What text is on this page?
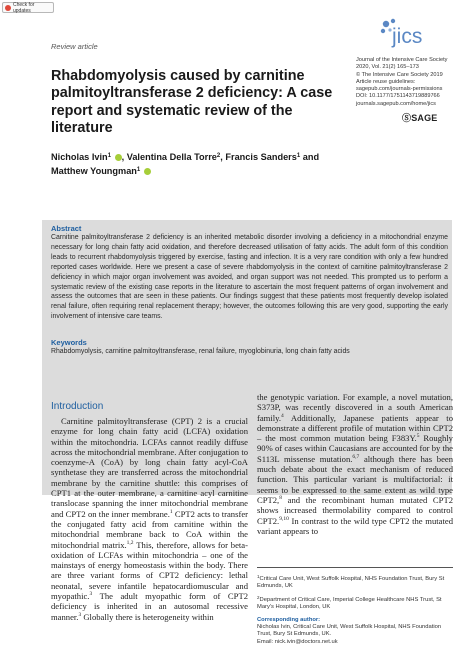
Check for updates
Review article	jics
Journal of the Intensive Care Society
2020, Vol. 21(2) 165–173
© The Intensive Care Society 2019
Article reuse guidelines:
sagepub.com/journals-permissions
DOI: 10.1177/1751143719889766
journals.sagepub.com/home/jics
ⓈSAGE
Rhabdomyolysis caused by carnitine palmitoyltransferase 2 deficiency: A case report and systematic review of the literature
Nicholas Ivin$^1$ , Valentina Della Torre$^2$, Francis Sanders$^1$ and
Matthew Youngman$^1$
Abstract
Carnitine palmitoyltransferase 2 deficiency is an inherited metabolic disorder involving a deficiency in a mitochondrial enzyme necessary for long chain fatty acid oxidation, and therefore decreased utilisation of fatty acids. The adult form of this condition leads to recurrent rhabdomyolysis triggered by exercise, fasting and infection. It is a very rare condition with only a few hundred reported cases worldwide. Here we present a case of severe rhabdomyolysis in the context of carnitine palmitoyltransferase 2 deficiency in which major organ involvement was avoided, and organ support was not needed. This prompted us to perform a systematic review of the existing case reports in the literature to ascertain the most frequent patterns of organ involvement and assess the outcomes that are seen in these patients. Our findings suggest that these patients most frequently develop isolated renal failure, often requiring renal replacement therapy; however, the outcomes following this are very good, supporting the early involvement of intensive care teams.
Keywords
Rhabdomyolysis, carnitine palmitoyltransferase, renal failure, myoglobinuria, long chain fatty acids
Introduction

Carnitine palmitoyltransferase (CPT) 2 is a crucial enzyme for long chain fatty acid (LCFA) oxidation within the mitochondria. LCFAs cannot readily diffuse across the mitochondrial membrane. After conjugation to coenzyme-A (CoA) by long chain fatty acyl-CoA synthetase they are transferred across the mitochondrial membrane by the carnitine shuttle: this comprises of CPT1 at the outer membrane, a carnitine acyl carnitine translocase spanning the inner mitochondrial membrane and CPT2 on the inner membrane.$^1$ CPT2 acts to transfer the conjugated fatty acid from carnitine within the mitochondrial membrane back to CoA within the mitochondrial matrix.$^{1,2}$ This, therefore, allows for beta-oxidation of LCFAs within mitochondria – one of the mainstays of energy homeostasis within the body. There are three variant forms of CPT2 deficiency: lethal neonatal, severe infantile hepatocardiomuscular and myopathic.$^3$ The adult myopathic form of CPT2 deficiency is inherited in an autosomal recessive manner.$^3$ Globally there is heterogeneity within

the genotypic variation. For example, a novel mutation, S373P, was recently discovered in a south American family.$^4$ Additionally, Japanese patients appear to demonstrate a different profile of mutation within CPT2 – the most common mutation being F383Y.$^5$ Roughly 90% of cases within Caucasians are accounted for by the S113L missense mutation.$^{6,7}$ although there has been much debate about the exact mechanism of reduced function. This particular variant is multifactorial: it seems to be expressed to the same extent as wild type CPT2,$^8$ and the recombinant human mutated CPT2 shows increased thermolability compared to control CPT2.$^{9,10}$ In contrast to the wild type CPT2 the mutated variant appears to

$^1$Critical Care Unit, West Suffolk Hospital, NHS Foundation Trust, Bury St Edmunds, UK
$^2$Department of Critical Care, Imperial College Healthcare NHS Trust, St Mary's Hospital, London, UK
Corresponding author:
Nicholas Ivin, Critical Care Unit, West Suffolk Hospital, NHS Foundation Trust, Bury St Edmunds, UK.
Email: nick.ivin@doctors.net.uk
